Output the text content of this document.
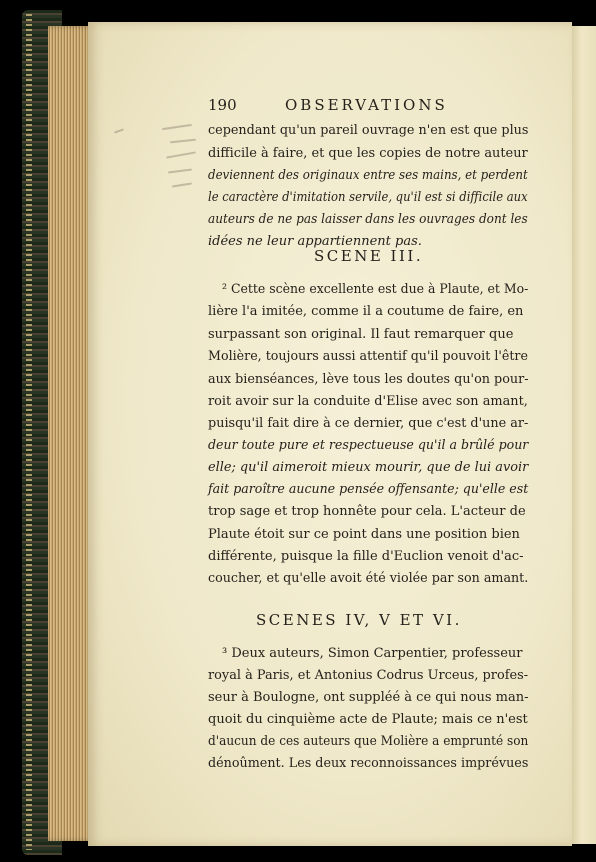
190	OBSERVATIONS
cependant qu'un pareil ouvrage n'en est que plus
difficile à faire, et que les copies de notre auteur
deviennent des originaux entre ses mains, et perdent
le caractère d'imitation servile, qu'il est si difficile aux
auteurs de ne pas laisser dans les ouvrages dont les
idées ne leur appartiennent pas.
SCENE III.
² Cette scène excellente est due à Plaute, et Mo-
lière l'a imitée, comme il a coutume de faire, en
surpassant son original. Il faut remarquer que
Molière, toujours aussi attentif qu'il pouvoit l'être
aux bienséances, lève tous les doutes qu'on pour-
roit avoir sur la conduite d'Elise avec son amant,
puisqu'il fait dire à ce dernier, que c'est d'une ar-
deur toute pure et respectueuse qu'il a brûlé pour
elle; qu'il aimeroit mieux mourir, que de lui avoir
fait paroître aucune pensée offensante; qu'elle est
trop sage et trop honnête pour cela. L'acteur de
Plaute étoit sur ce point dans une position bien
différente, puisque la fille d'Euclion venoit d'ac-
coucher, et qu'elle avoit été violée par son amant.
SCENES IV, V ET VI.
³ Deux auteurs, Simon Carpentier, professeur
royal à Paris, et Antonius Codrus Urceus, profes-
seur à Boulogne, ont suppléé à ce qui nous man-
quoit du cinquième acte de Plaute; mais ce n'est
d'aucun de ces auteurs que Molière a emprunté son
dénoûment. Les deux reconnoissances imprévues
